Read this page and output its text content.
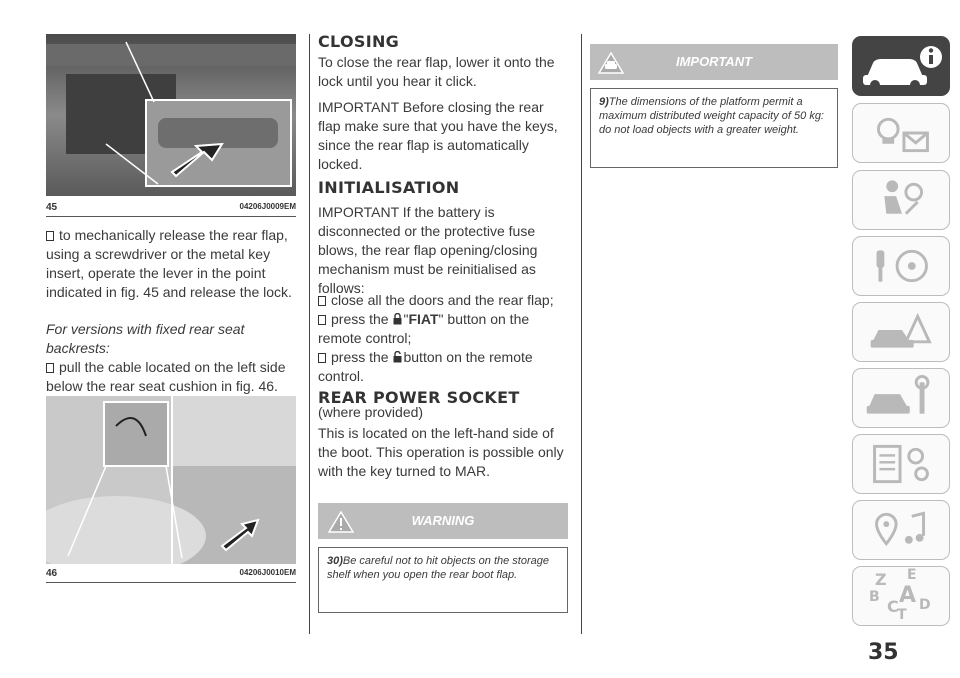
45	04206J0009EM
to mechanically release the rear flap, using a screwdriver or the metal key insert, operate the lever in the point indicated in fig. 45 and release the lock.
For versions with fixed rear seat backrests:
pull the cable located on the left side below the rear seat cushion in fig. 46.
46	04206J0010EM
CLOSING
To close the rear flap, lower it onto the lock until you hear it click.
IMPORTANT Before closing the rear flap make sure that you have the keys, since the rear flap is automatically locked.
INITIALISATION
IMPORTANT If the battery is disconnected or the protective fuse blows, the rear flap opening/closing mechanism must be reinitialised as follows:
close all the doors and the rear flap;
press the "FIAT" button on the remote control;
press the button on the remote control.
REAR POWER SOCKET
(where provided)
This is located on the left-hand side of the boot. This operation is possible only with the key turned to MAR.
WARNING
30)Be careful not to hit objects on the storage shelf when you open the rear boot flap.
IMPORTANT
9)The dimensions of the platform permit a maximum distributed weight capacity of 50 kg: do not load objects with a greater weight.
Z E
B A
C D
T
35
